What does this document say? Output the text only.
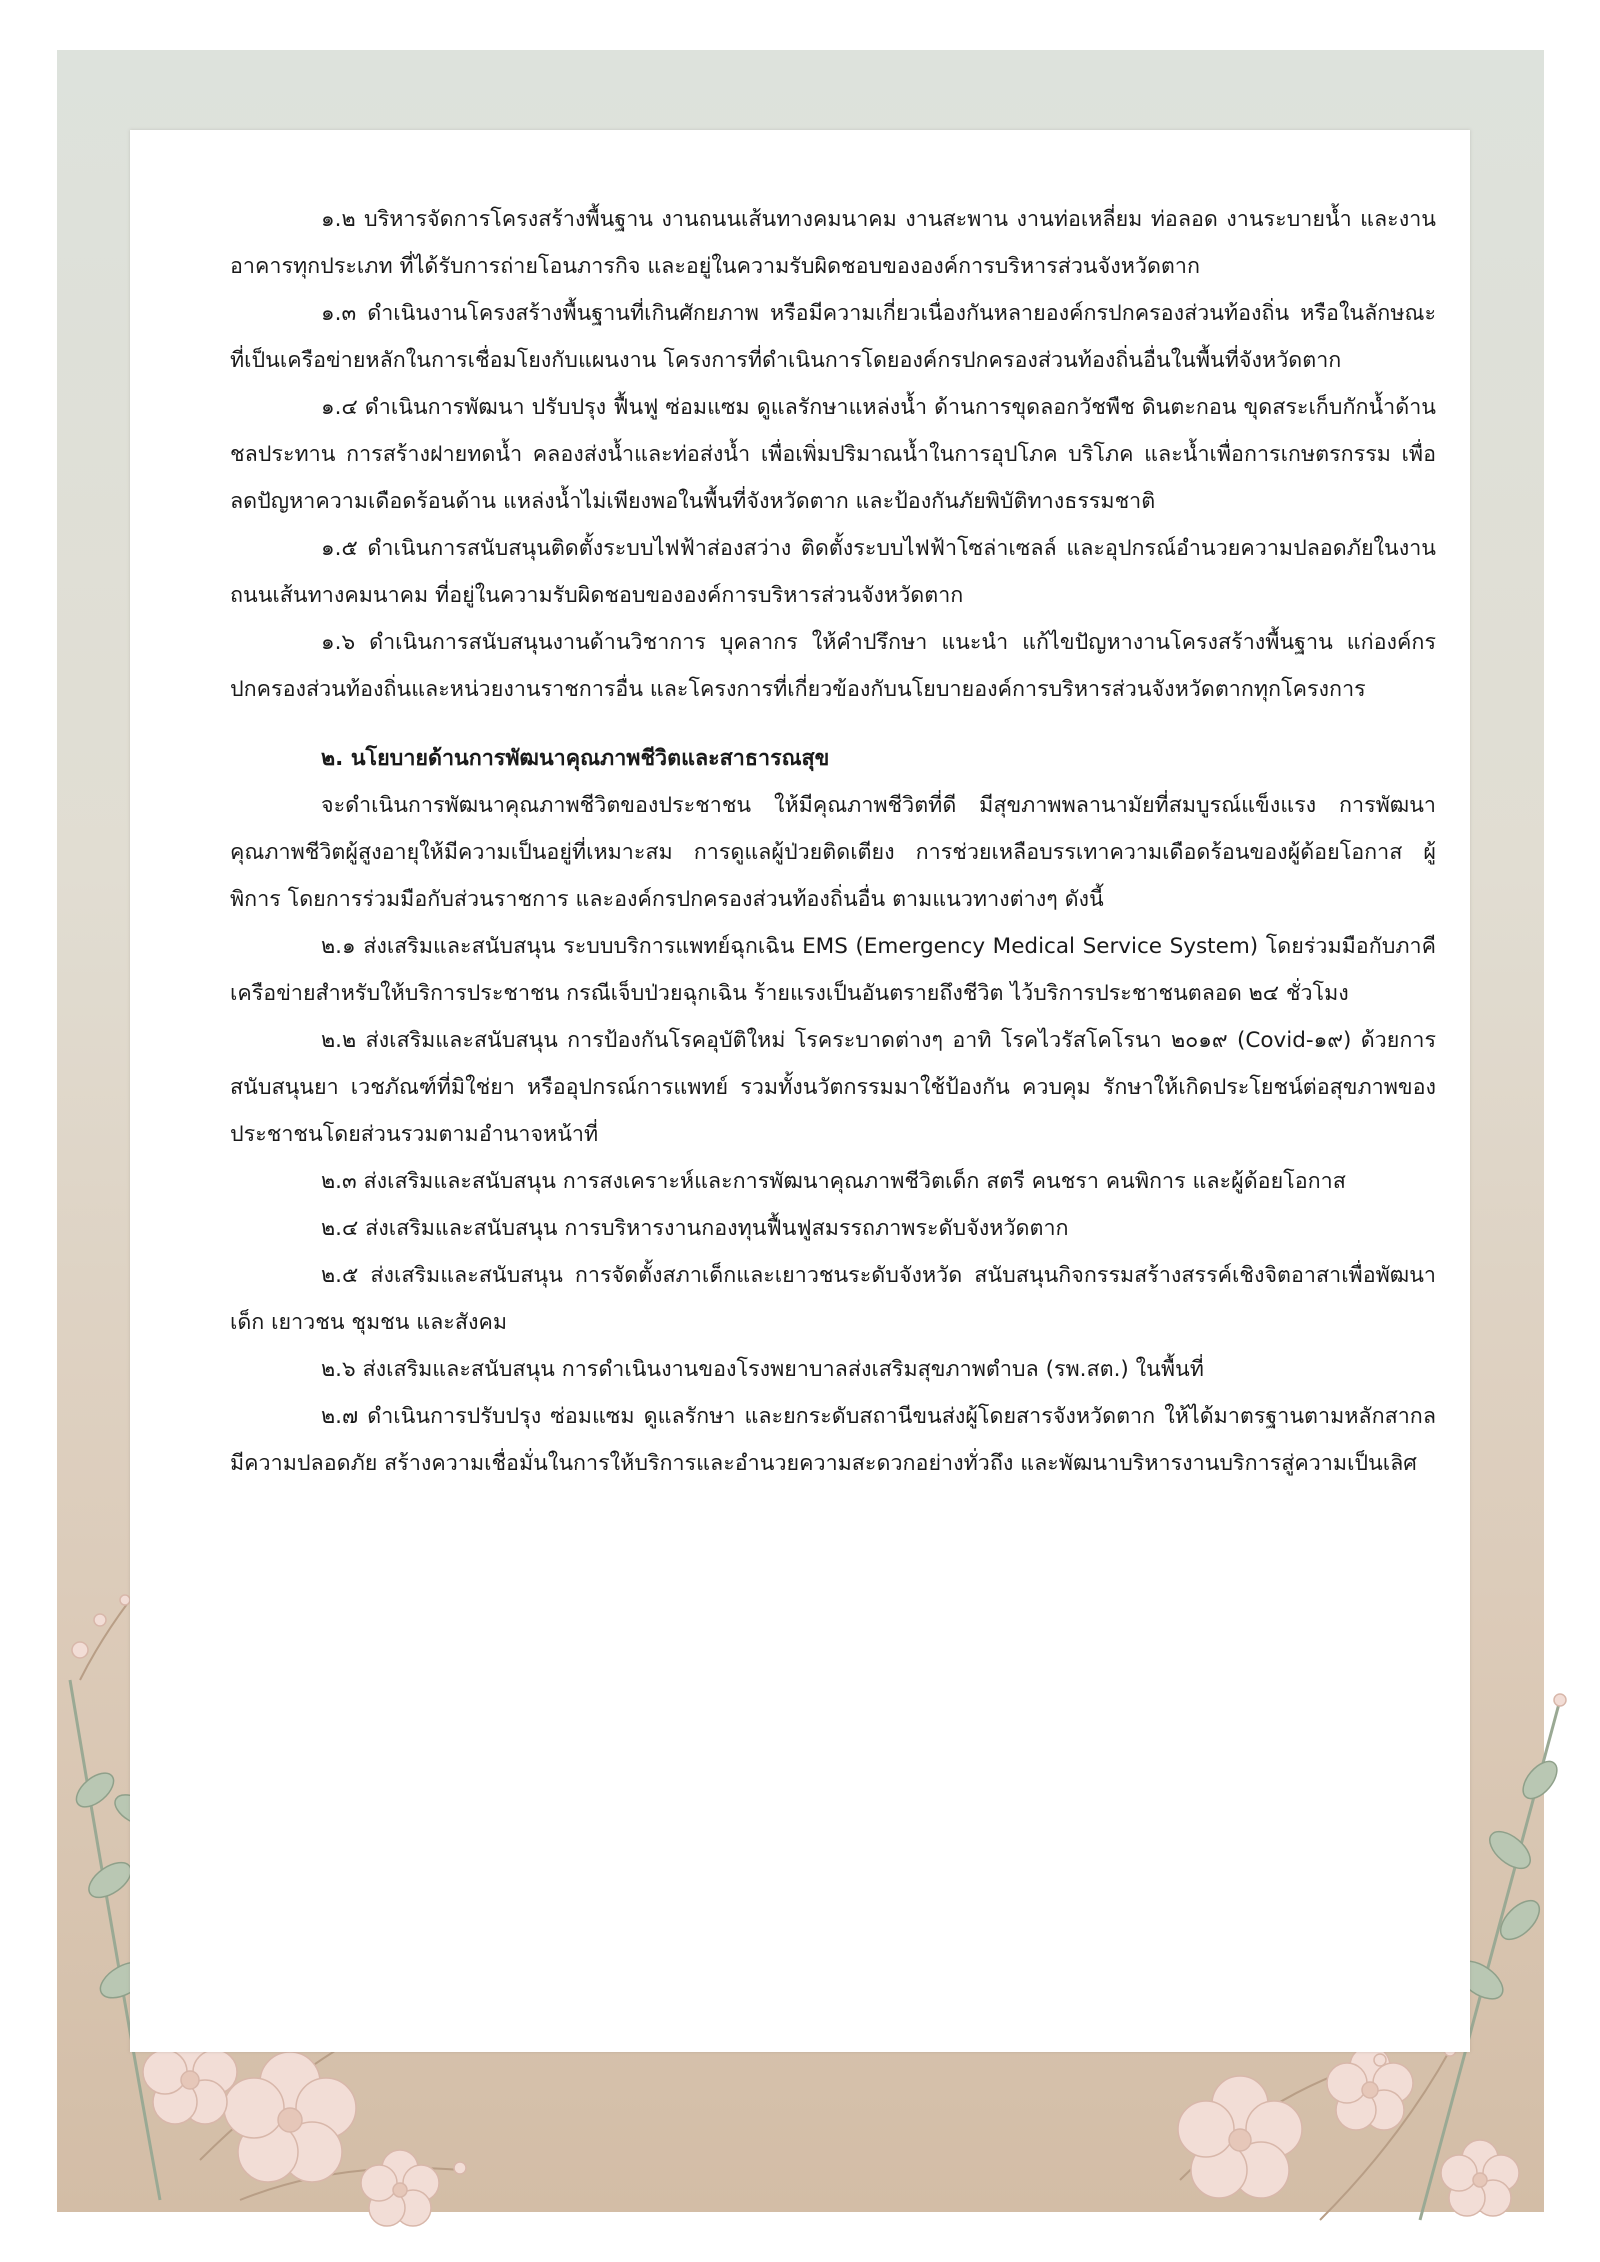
๑.๒ บริหารจัดการโครงสร้างพื้นฐาน งานถนนเส้นทางคมนาคม งานสะพาน งานท่อเหลี่ยม ท่อลอด งานระบายน้ำ และงานอาคารทุกประเภท ที่ได้รับการถ่ายโอนภารกิจ และอยู่ในความรับผิดชอบขององค์การบริหารส่วนจังหวัดตาก

๑.๓ ดำเนินงานโครงสร้างพื้นฐานที่เกินศักยภาพ หรือมีความเกี่ยวเนื่องกันหลายองค์กรปกครองส่วนท้องถิ่น หรือในลักษณะที่เป็นเครือข่ายหลักในการเชื่อมโยงกับแผนงาน โครงการที่ดำเนินการโดยองค์กรปกครองส่วนท้องถิ่นอื่นในพื้นที่จังหวัดตาก

๑.๔ ดำเนินการพัฒนา ปรับปรุง ฟื้นฟู ซ่อมแซม ดูแลรักษาแหล่งน้ำ ด้านการขุดลอกวัชพืช ดินตะกอน ขุดสระเก็บกักน้ำด้านชลประทาน การสร้างฝายทดน้ำ คลองส่งน้ำและท่อส่งน้ำ เพื่อเพิ่มปริมาณน้ำในการอุปโภค บริโภค และน้ำเพื่อการเกษตรกรรม เพื่อลดปัญหาความเดือดร้อนด้าน แหล่งน้ำไม่เพียงพอในพื้นที่จังหวัดตาก และป้องกันภัยพิบัติทางธรรมชาติ

๑.๕ ดำเนินการสนับสนุนติดตั้งระบบไฟฟ้าส่องสว่าง ติดตั้งระบบไฟฟ้าโซล่าเซลล์ และอุปกรณ์อำนวยความปลอดภัยในงานถนนเส้นทางคมนาคม ที่อยู่ในความรับผิดชอบขององค์การบริหารส่วนจังหวัดตาก

๑.๖ ดำเนินการสนับสนุนงานด้านวิชาการ บุคลากร ให้คำปรึกษา แนะนำ แก้ไขปัญหางานโครงสร้างพื้นฐาน แก่องค์กรปกครองส่วนท้องถิ่นและหน่วยงานราชการอื่น และโครงการที่เกี่ยวข้องกับนโยบายองค์การบริหารส่วนจังหวัดตากทุกโครงการ

๒. นโยบายด้านการพัฒนาคุณภาพชีวิตและสาธารณสุข

จะดำเนินการพัฒนาคุณภาพชีวิตของประชาชน ให้มีคุณภาพชีวิตที่ดี มีสุขภาพพลานามัยที่สมบูรณ์แข็งแรง การพัฒนาคุณภาพชีวิตผู้สูงอายุให้มีความเป็นอยู่ที่เหมาะสม การดูแลผู้ป่วยติดเตียง การช่วยเหลือบรรเทาความเดือดร้อนของผู้ด้อยโอกาส ผู้พิการ โดยการร่วมมือกับส่วนราชการ และองค์กรปกครองส่วนท้องถิ่นอื่น ตามแนวทางต่างๆ ดังนี้

๒.๑ ส่งเสริมและสนับสนุน ระบบบริการแพทย์ฉุกเฉิน EMS (Emergency Medical Service System) โดยร่วมมือกับภาคีเครือข่ายสำหรับให้บริการประชาชน กรณีเจ็บป่วยฉุกเฉิน ร้ายแรงเป็นอันตรายถึงชีวิต ไว้บริการประชาชนตลอด ๒๔ ชั่วโมง

๒.๒ ส่งเสริมและสนับสนุน การป้องกันโรคอุบัติใหม่ โรคระบาดต่างๆ อาทิ โรคไวรัสโคโรนา ๒๐๑๙ (Covid-๑๙) ด้วยการสนับสนุนยา เวชภัณฑ์ที่มิใช่ยา หรืออุปกรณ์การแพทย์ รวมทั้งนวัตกรรมมาใช้ป้องกัน ควบคุม รักษาให้เกิดประโยชน์ต่อสุขภาพของประชาชนโดยส่วนรวมตามอำนาจหน้าที่

๒.๓ ส่งเสริมและสนับสนุน การสงเคราะห์และการพัฒนาคุณภาพชีวิตเด็ก สตรี คนชรา คนพิการ และผู้ด้อยโอกาส

๒.๔ ส่งเสริมและสนับสนุน การบริหารงานกองทุนฟื้นฟูสมรรถภาพระดับจังหวัดตาก

๒.๕ ส่งเสริมและสนับสนุน การจัดตั้งสภาเด็กและเยาวชนระดับจังหวัด สนับสนุนกิจกรรมสร้างสรรค์เชิงจิตอาสาเพื่อพัฒนาเด็ก เยาวชน ชุมชน และสังคม

๒.๖ ส่งเสริมและสนับสนุน การดำเนินงานของโรงพยาบาลส่งเสริมสุขภาพตำบล (รพ.สต.) ในพื้นที่

๒.๗ ดำเนินการปรับปรุง ซ่อมแซม ดูแลรักษา และยกระดับสถานีขนส่งผู้โดยสารจังหวัดตาก ให้ได้มาตรฐานตามหลักสากล มีความปลอดภัย สร้างความเชื่อมั่นในการให้บริการและอำนวยความสะดวกอย่างทั่วถึง และพัฒนาบริหารงานบริการสู่ความเป็นเลิศ
